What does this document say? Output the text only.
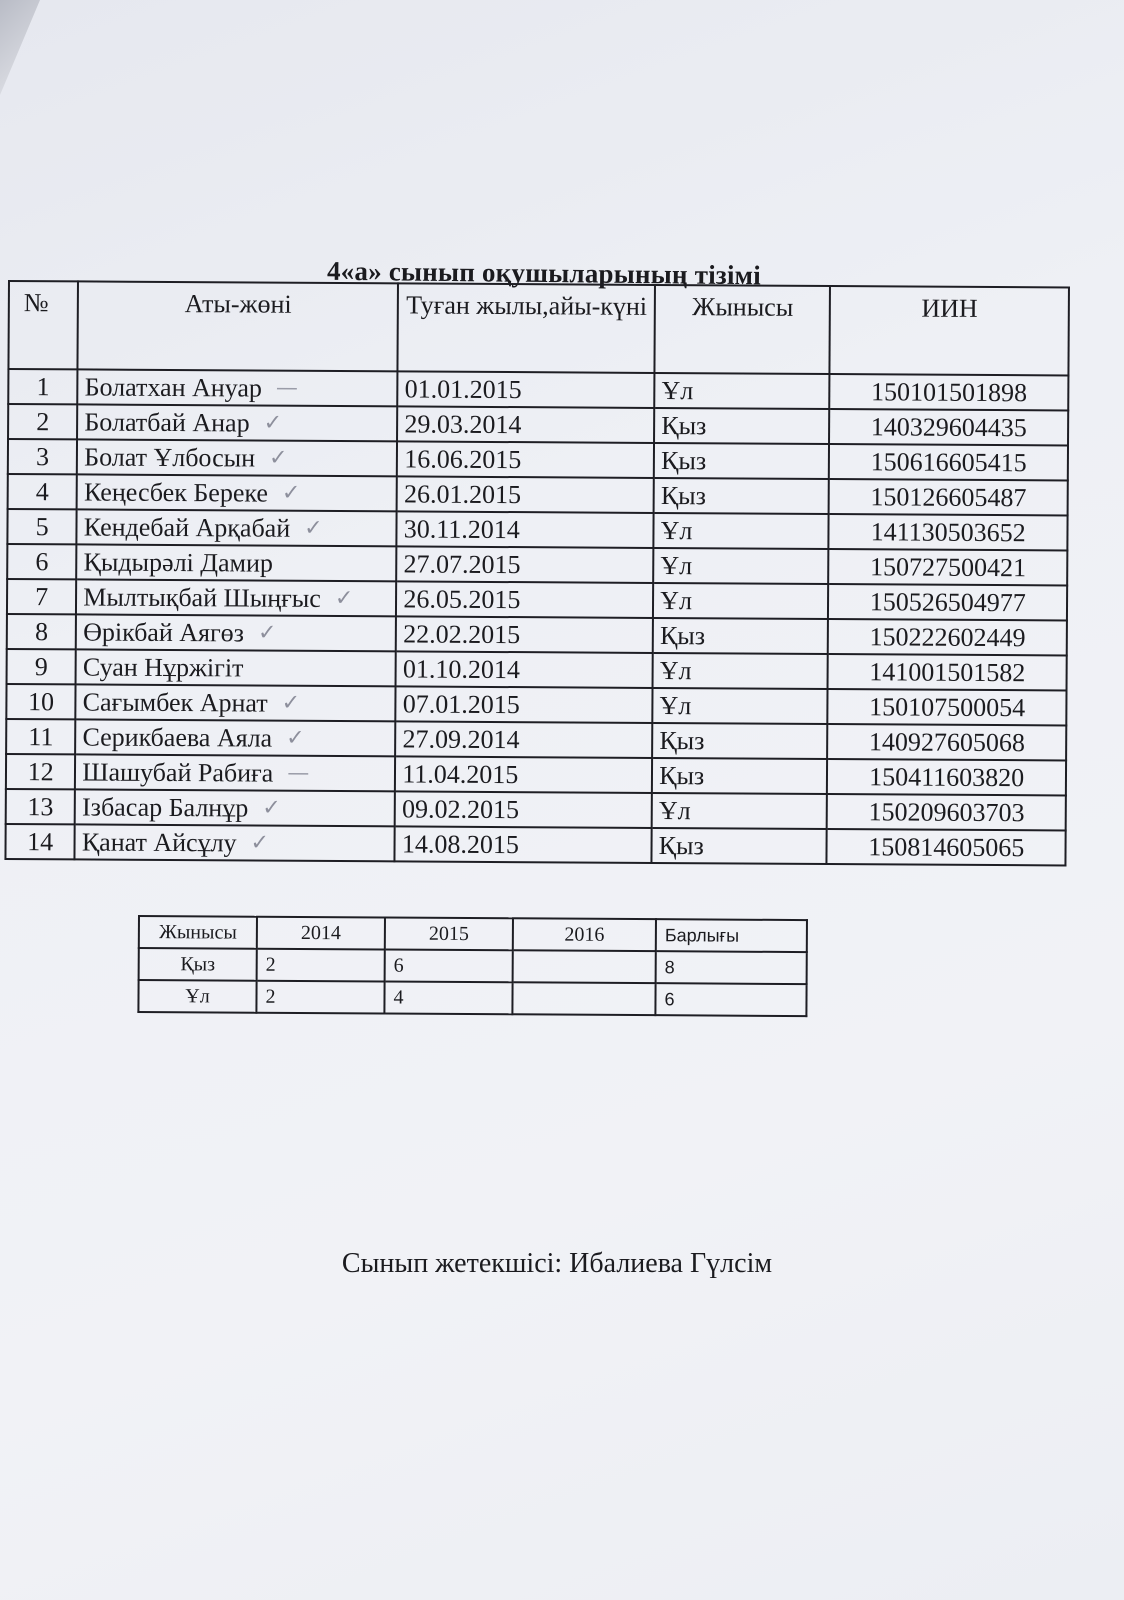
4«а» сынып оқушыларының тізімі
№	Аты-жөні	Туған жылы,айы-күні	Жынысы	ИИН
1	Болатхан Ануар —	01.01.2015	Ұл	150101501898
2	Болатбай Анар ✓	29.03.2014	Қыз	140329604435
3	Болат Ұлбосын ✓	16.06.2015	Қыз	150616605415
4	Кеңесбек Береке ✓	26.01.2015	Қыз	150126605487
5	Кендебай Арқабай ✓	30.11.2014	Ұл	141130503652
6	Қыдырәлі Дамир	27.07.2015	Ұл	150727500421
7	Мылтықбай Шыңғыс ✓	26.05.2015	Ұл	150526504977
8	Өрікбай Аягөз ✓	22.02.2015	Қыз	150222602449
9	Суан Нұржігіт	01.10.2014	Ұл	141001501582
10	Сағымбек Арнат ✓	07.01.2015	Ұл	150107500054
11	Серикбаева Аяла ✓	27.09.2014	Қыз	140927605068
12	Шашубай Рабиға —	11.04.2015	Қыз	150411603820
13	Ізбасар Балнұр ✓	09.02.2015	Ұл	150209603703
14	Қанат Айсұлу ✓	14.08.2015	Қыз	150814605065
Жынысы	2014	2015	2016	Барлығы
Қыз	2	6		8
Ұл	2	4		6
Сынып жетекшісі: Ибалиева Гүлсім
